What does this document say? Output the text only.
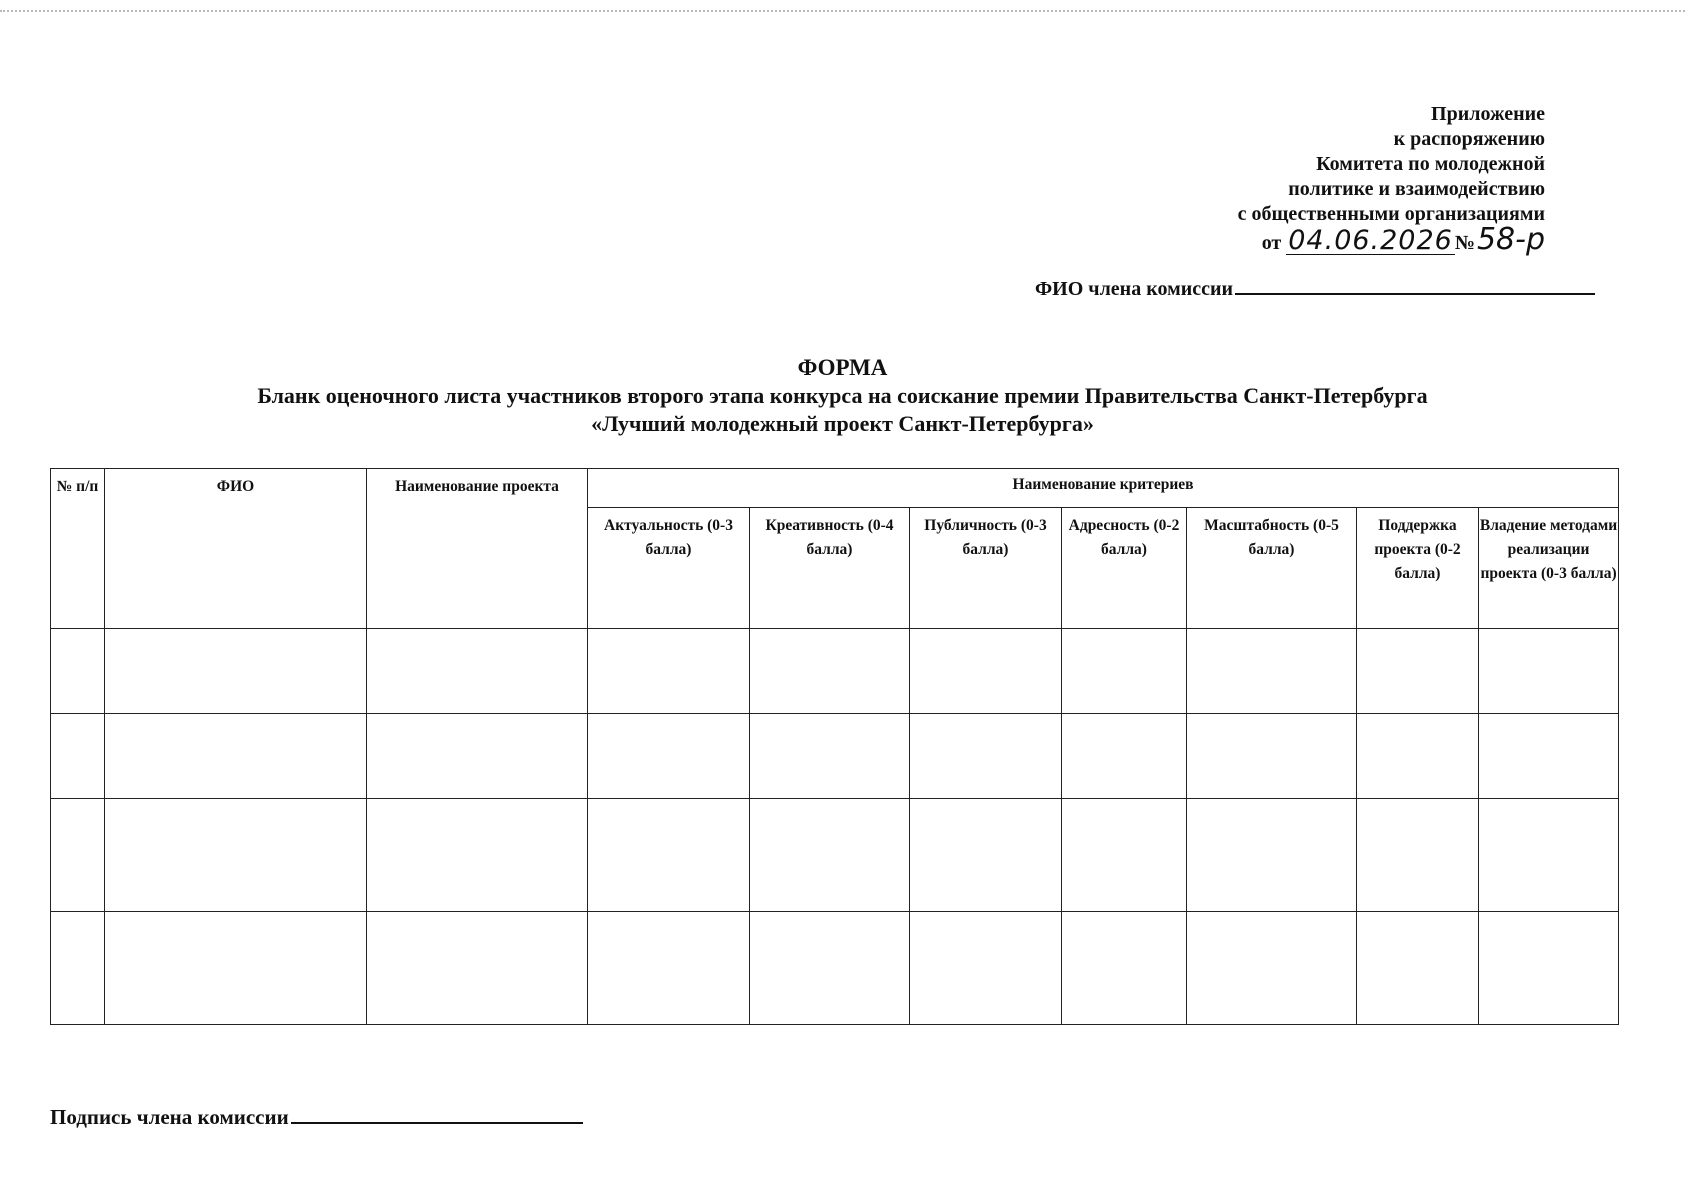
Приложение
к распоряжению
Комитета по молодежной
политике и взаимодействию
с общественными организациями
от 04.06.2026 №58-р
ФИО члена комиссии
ФОРМА
Бланк оценочного листа участников второго этапа конкурса на соискание премии Правительства Санкт-Петербурга
«Лучший молодежный проект Санкт-Петербурга»
№ п/п	ФИО	Наименование проекта	Наименование критериев						
			Актуальность (0-3 балла)	Креативность (0-4 балла)	Публичность (0-3 балла)	Адресность (0-2 балла)	Масштабность (0-5 балла)	Поддержка проекта (0-2 балла)	Владение методами реализации проекта (0-3 балла)

Подпись члена комиссии
